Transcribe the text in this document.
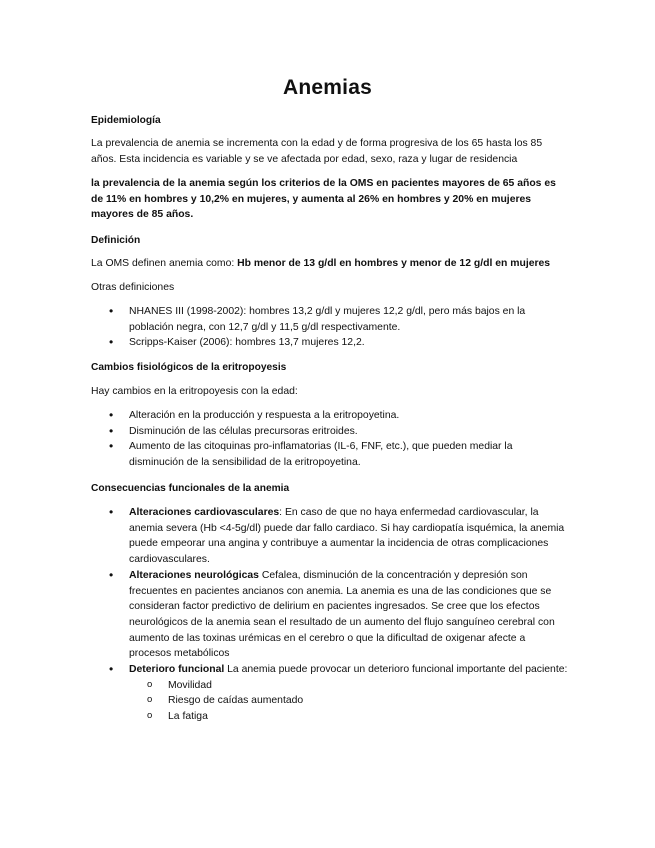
Anemias
Epidemiología

La prevalencia de anemia se incrementa con la edad y de forma progresiva de los 65 hasta los 85 años. Esta incidencia es variable y se ve afectada por edad, sexo, raza y lugar de residencia

la prevalencia de la anemia según los criterios de la OMS en pacientes mayores de 65 años es de 11% en hombres y 10,2% en mujeres, y aumenta al 26% en hombres y 20% en mujeres mayores de 85 años.

Definición

La OMS definen anemia como: Hb menor de 13 g/dl en hombres y menor de 12 g/dl en mujeres

Otras definiciones

• NHANES III (1998-2002): hombres 13,2 g/dl y mujeres 12,2 g/dl, pero más bajos en la población negra, con 12,7 g/dl y 11,5 g/dl respectivamente.
• Scripps-Kaiser (2006): hombres 13,7 mujeres 12,2.
Cambios fisiológicos de la eritropoyesis

Hay cambios en la eritropoyesis con la edad:

• Alteración en la producción y respuesta a la eritropoyetina.
• Disminución de las células precursoras eritroides.
• Aumento de las citoquinas pro-inflamatorias (IL-6, FNF, etc.), que pueden mediar la disminución de la sensibilidad de la eritropoyetina.
Consecuencias funcionales de la anemia
• Alteraciones cardiovasculares: En caso de que no haya enfermedad cardiovascular, la anemia severa (Hb <4-5g/dl) puede dar fallo cardiaco. Si hay cardiopatía isquémica, la anemia puede empeorar una angina y contribuye a aumentar la incidencia de otras complicaciones cardiovasculares.
• Alteraciones neurológicas Cefalea, disminución de la concentración y depresión son frecuentes en pacientes ancianos con anemia. La anemia es una de las condiciones que se consideran factor predictivo de delirium en pacientes ingresados. Se cree que los efectos neurológicos de la anemia sean el resultado de un aumento del flujo sanguíneo cerebral con aumento de las toxinas urémicas en el cerebro o que la dificultad de oxigenar afecte a procesos metabólicos
• Deterioro funcional La anemia puede provocar un deterioro funcional importante del paciente:
o Movilidad
o Riesgo de caídas aumentado
o La fatiga
